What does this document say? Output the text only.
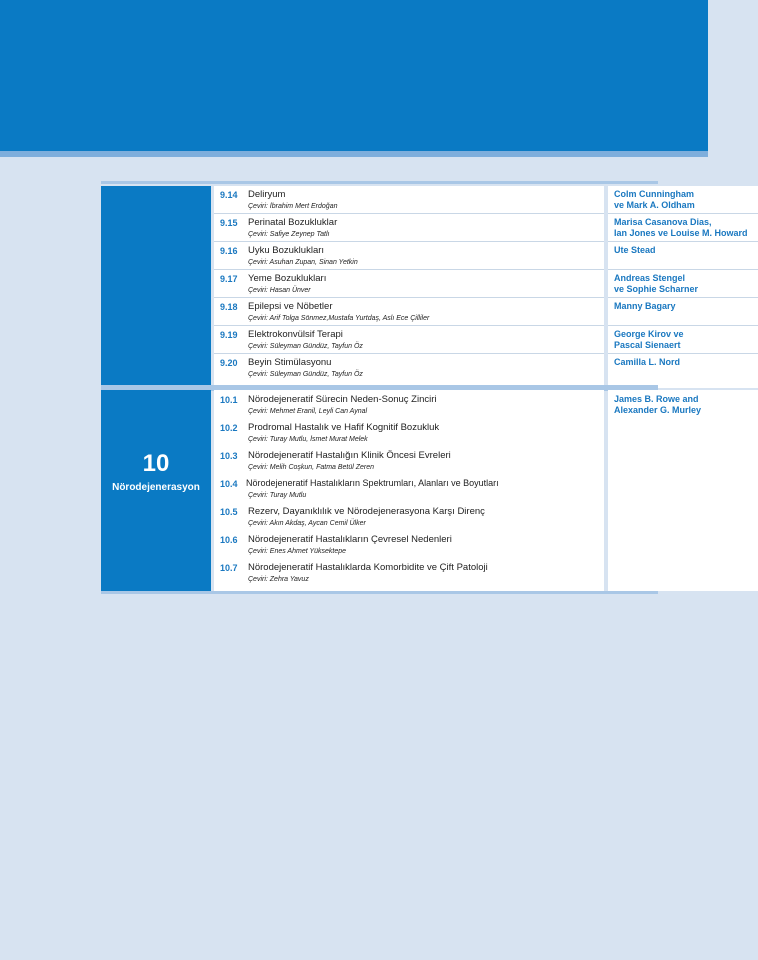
9.14 Deliryum
Çeviri: İbrahim Mert Erdoğan
9.15 Perinatal Bozukluklar
Çeviri: Safiye Zeynep Tatlı
9.16 Uyku Bozuklukları
Çeviri: Asuhan Zupan, Sinan Yetkin
9.17 Yeme Bozuklukları
Çeviri: Hasan Ünver
9.18 Epilepsi ve Nöbetler
Çeviri: Arif Tolga Sönmez,Mustafa Yurtdaş, Aslı Ece Çilliler
9.19 Elektrokonvülsif Terapi
Çeviri: Süleyman Gündüz, Tayfun Öz
9.20 Beyin Stimülasyonu
Çeviri: Süleyman Gündüz, Tayfun Öz
Colm Cunningham
ve Mark A. Oldham
Marisa Casanova Dias,
Ian Jones ve Louise M. Howard
Ute Stead

Andreas Stengel
ve Sophie Scharner
Manny Bagary

George Kirov ve
Pascal Sienaert
Camilla L. Nord

10
Nörodejenerasyon
10.1 Nörodejeneratif Sürecin Neden-Sonuç Zinciri
Çeviri: Mehmet Eranil, Leyli Can Aynal
10.2 Prodromal Hastalık ve Hafif Kognitif Bozukluk
Çeviri: Turay Mutlu, İsmet Murat Melek
10.3 Nörodejeneratif Hastalığın Klinik Öncesi Evreleri
Çeviri: Melih Coşkun, Fatma Betül Zeren
10.4 Nörodejeneratif Hastalıkların Spektrumları, Alanları ve Boyutları
Çeviri: Turay Mutlu
10.5 Rezerv, Dayanıklılık ve Nörodejenerasyona Karşı Direnç
Çeviri: Akın Akdaş, Aycan Cemil Ülker
10.6 Nörodejeneratif Hastalıkların Çevresel Nedenleri
Çeviri: Enes Ahmet Yüksektepe
10.7 Nörodejeneratif Hastalıklarda Komorbidite ve Çift Patoloji
Çeviri: Zehra Yavuz
James B. Rowe and
Alexander G. Murley
